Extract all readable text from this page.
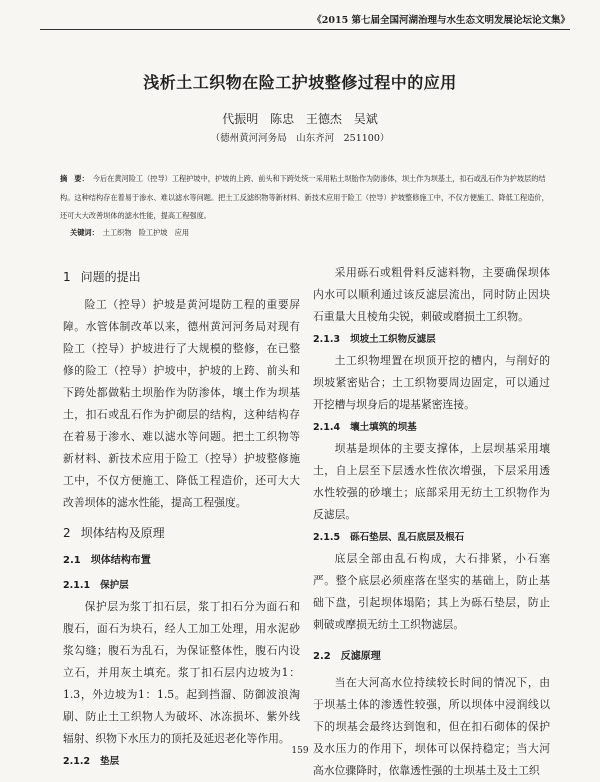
《2015 第七届全国河湖治理与水生态文明发展论坛论文集》
浅析土工织物在险工护坡整修过程中的应用
代振明 陈忠 王德杰 吴斌
（德州黄河河务局　山东齐河　251100）
摘　要： 今后在黄河险工（控导）工程护坡中，护坡的上跨、前头和下跨处统一采用粘土坝胎作为防渗体，坝土作为坝基土，扣石或乱石作为护坡层的结构。这种结构存在着易于渗水、难以滤水等问题。把土工反滤织物等新材料、新技术应用于险工（控导）护坡整修施工中，不仅方便施工、降低工程造价，还可大大改善坝体的滤水性能，提高工程强度。
关键词： 土工织物　险工护坡　应用
1 问题的提出

险工（控导）护坡是黄河堤防工程的重要屏障。水管体制改革以来，德州黄河河务局对现有险工（控导）护坡进行了大规模的整修，在已整修的险工（控导）护坡中，护坡的上跨、前头和下跨处都做粘土坝胎作为防渗体，壤土作为坝基土，扣石或乱石作为护砌层的结构，这种结构存在着易于渗水、难以滤水等问题。把土工织物等新材料、新技术应用于险工（控导）护坡整修施工中，不仅方便施工、降低工程造价，还可大大改善坝体的滤水性能，提高工程强度。

2 坝体结构及原理
2.1 坝体结构布置
2.1.1 保护层

保护层为浆丁扣石层，浆丁扣石分为面石和腹石，面石为块石，经人工加工处理，用水泥砂浆勾缝；腹石为乱石，为保证整体性，腹石内设立石，并用灰土填充。浆丁扣石层内边坡为1：1.3，外边坡为1：1.5。起到挡溜、防御波浪淘刷、防止土工织物人为破坏、冰冻损坏、紫外线辐射、织物下水压力的顶托及延迟老化等作用。

2.1.2 垫层

采用砾石或粗骨料反滤料物，主要确保坝体内水可以顺利通过该反滤层流出，同时防止因块石重量大且棱角尖锐，刺破或磨损土工织物。

2.1.3 坝坡土工织物反滤层

土工织物埋置在坝顶开挖的槽内，与削好的坝坡紧密贴合；土工织物要周边固定，可以通过开挖槽与坝身后的堤基紧密连接。

2.1.4 壤土填筑的坝基

坝基是坝体的主要支撑体，上层坝基采用壤土，自上层至下层透水性依次增强，下层采用透水性较强的砂壤土；底部采用无纺土工织物作为反滤层。

2.1.5 砾石垫层、乱石底层及根石

底层全部由乱石构成，大石排紧，小石塞严。整个底层必须座落在坚实的基础上，防止基础下盘，引起坝体塌陷；其上为砾石垫层，防止刺破或摩损无纺土工织物滤层。

2.2 反滤原理

当在大河高水位持续较长时间的情况下，由于坝基土体的渗透性较强，所以坝体中浸润线以下的坝基会最终达到饱和，但在扣石砌体的保护及水压力的作用下，坝体可以保持稳定；当大河高水位骤降时，依靠透性强的土坝基土及土工织

159
